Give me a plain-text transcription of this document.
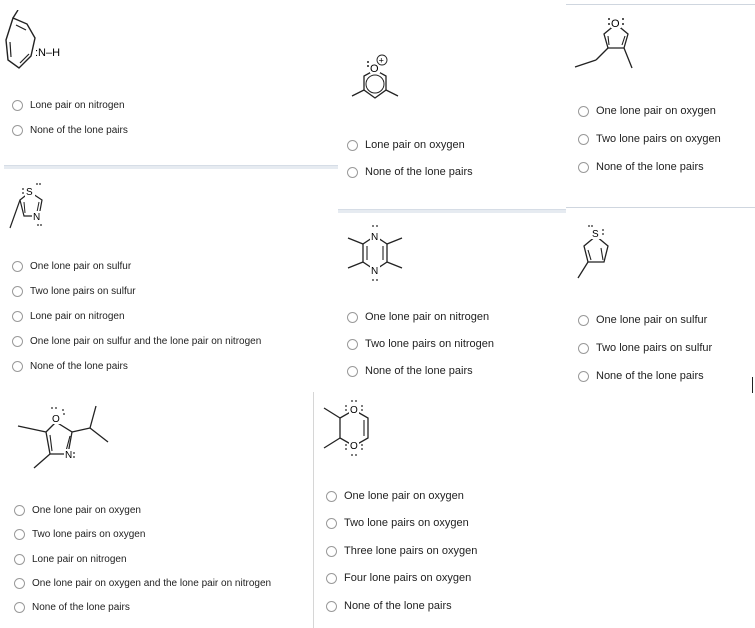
:N–H
Lone pair on nitrogen
None of the lone pairs
O
+
Lone pair on oxygen
None of the lone pairs
O
One lone pair on oxygen
Two lone pairs on oxygen
None of the lone pairs
S
N
One lone pair on sulfur
Two lone pairs on sulfur
Lone pair on nitrogen
One lone pair on sulfur and the lone pair on nitrogen
None of the lone pairs
N
N
One lone pair on nitrogen
Two lone pairs on nitrogen
None of the lone pairs
S
One lone pair on sulfur
Two lone pairs on sulfur
None of the lone pairs
O
N
One lone pair on oxygen
Two lone pairs on oxygen
Lone pair on nitrogen
One lone pair on oxygen and the lone pair on nitrogen
None of the lone pairs
O
O
One lone pair on oxygen
Two lone pairs on oxygen
Three lone pairs on oxygen
Four lone pairs on oxygen
None of the lone pairs
